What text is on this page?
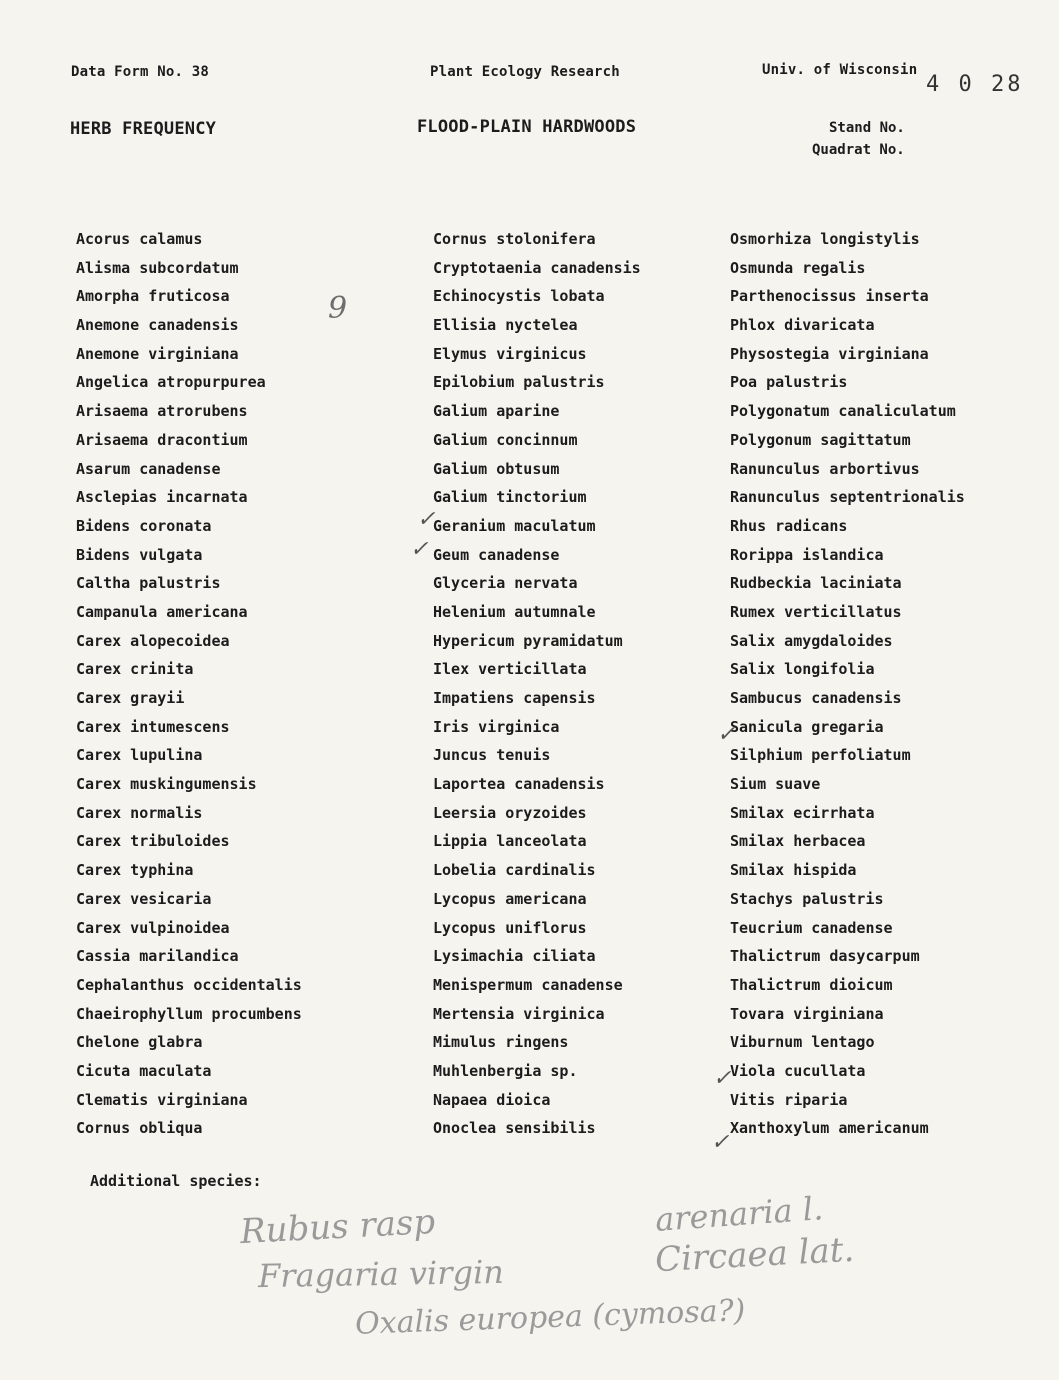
Data Form No. 38	Plant Ecology Research	Univ. of Wisconsin
4 0 28
HERB FREQUENCY	FLOOD-PLAIN HARDWOODS	Stand No.
Quadrat No.
Acorus calamus
Alisma subcordatum
Amorpha fruticosa
Anemone canadensis
Anemone virginiana
Angelica atropurpurea
Arisaema atrorubens
Arisaema dracontium
Asarum canadense
Asclepias incarnata
Bidens coronata
Bidens vulgata
Caltha palustris
Campanula americana
Carex alopecoidea
Carex crinita
Carex grayii
Carex intumescens
Carex lupulina
Carex muskingumensis
Carex normalis
Carex tribuloides
Carex typhina
Carex vesicaria
Carex vulpinoidea
Cassia marilandica
Cephalanthus occidentalis
Chaeirophyllum procumbens
Chelone glabra
Cicuta maculata
Clematis virginiana
Cornus obliqua
Cornus stolonifera
Cryptotaenia canadensis
Echinocystis lobata
Ellisia nyctelea
Elymus virginicus
Epilobium palustris
Galium aparine
Galium concinnum
Galium obtusum
Galium tinctorium
Geranium maculatum
Geum canadense
Glyceria nervata
Helenium autumnale
Hypericum pyramidatum
Ilex verticillata
Impatiens capensis
Iris virginica
Juncus tenuis
Laportea canadensis
Leersia oryzoides
Lippia lanceolata
Lobelia cardinalis
Lycopus americana
Lycopus uniflorus
Lysimachia ciliata
Menispermum canadense
Mertensia virginica
Mimulus ringens
Muhlenbergia sp.
Napaea dioica
Onoclea sensibilis
Osmorhiza longistylis
Osmunda regalis
Parthenocissus inserta
Phlox divaricata
Physostegia virginiana
Poa palustris
Polygonatum canaliculatum
Polygonum sagittatum
Ranunculus arbortivus
Ranunculus septentrionalis
Rhus radicans
Rorippa islandica
Rudbeckia laciniata
Rumex verticillatus
Salix amygdaloides
Salix longifolia
Sambucus canadensis
Sanicula gregaria
Silphium perfoliatum
Sium suave
Smilax ecirrhata
Smilax herbacea
Smilax hispida
Stachys palustris
Teucrium canadense
Thalictrum dasycarpum
Thalictrum dioicum
Tovara virginiana
Viburnum lentago
Viola cucullata
Vitis riparia
Xanthoxylum americanum
✓
✓
✓
✓
✓
9
Additional species:
Rubus rasp
Fragaria virgin
arenaria l.
Circaea lat.
Oxalis europea (cymosa?)
